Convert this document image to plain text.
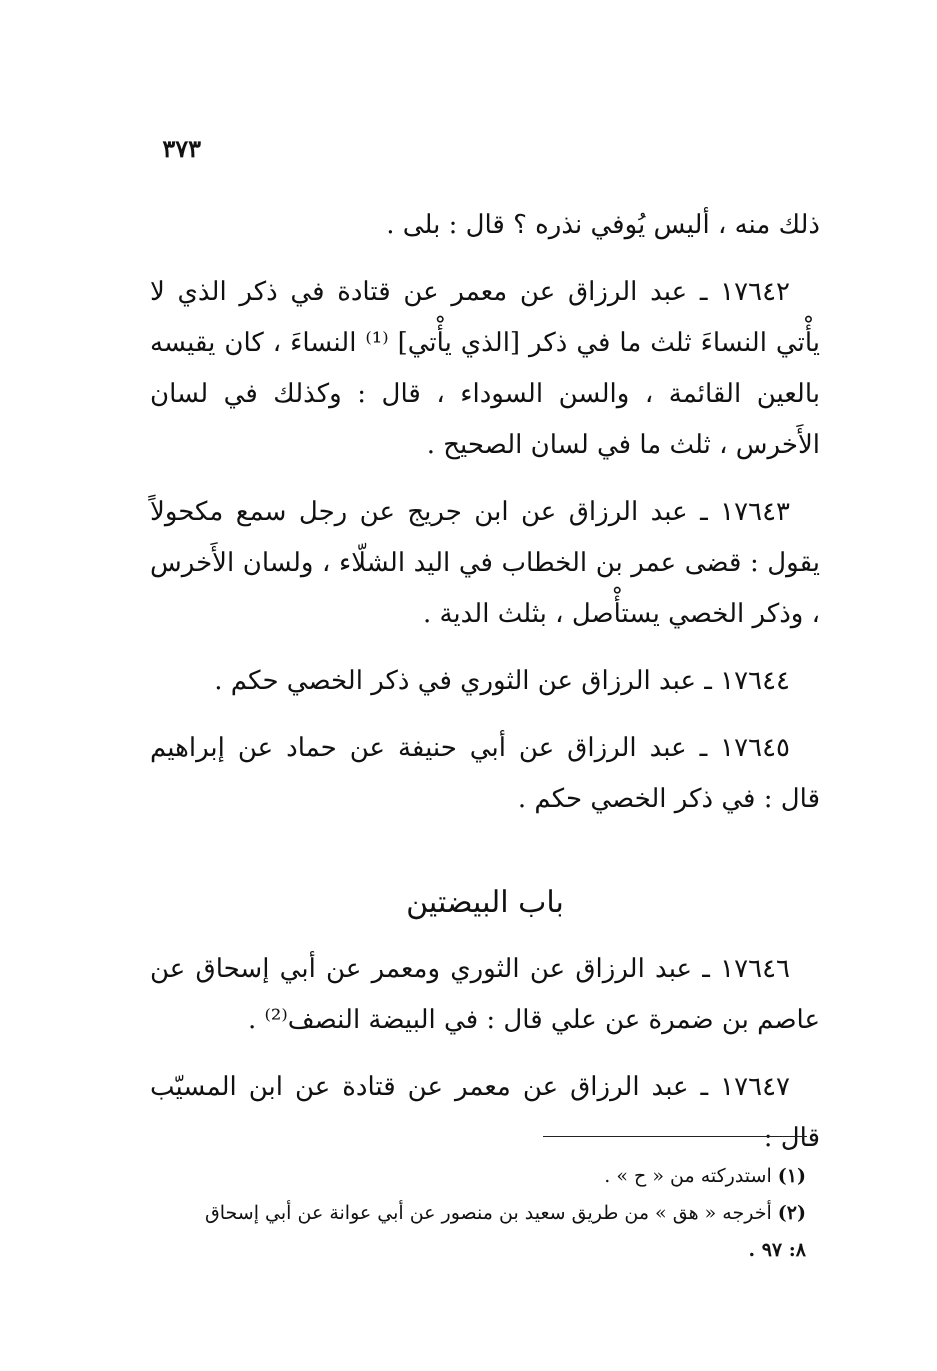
٣٧٣

ذلك منه ، أليس يُوفي نذره ؟ قال : بلى .

١٧٦٤٢ ـ عبد الرزاق عن معمر عن قتادة في ذكر الذي لا يأْتي النساءَ ثلث ما في ذكر [الذي يأْتي] ⁽¹⁾ النساءَ ، كان يقيسه بالعين القائمة ، والسن السوداء ، قال : وكذلك في لسان الأَخرس ، ثلث ما في لسان الصحيح .

١٧٦٤٣ ـ عبد الرزاق عن ابن جريج عن رجل سمع مكحولاً يقول : قضى عمر بن الخطاب في اليد الشلّاء ، ولسان الأَخرس ، وذكر الخصي يستأْصل ، بثلث الدية .

١٧٦٤٤ ـ عبد الرزاق عن الثوري في ذكر الخصي حكم .

١٧٦٤٥ ـ عبد الرزاق عن أبي حنيفة عن حماد عن إبراهيم قال : في ذكر الخصي حكم .

باب البيضتين

١٧٦٤٦ ـ عبد الرزاق عن الثوري ومعمر عن أبي إسحاق عن عاصم بن ضمرة عن علي قال : في البيضة النصف⁽²⁾ .

١٧٦٤٧ ـ عبد الرزاق عن معمر عن قتادة عن ابن المسيّب قال :

(١) استدركته من « ح » .

(٢) أخرجه « هق » من طريق سعيد بن منصور عن أبي عوانة عن أبي إسحاق

٨: ٩٧ .
